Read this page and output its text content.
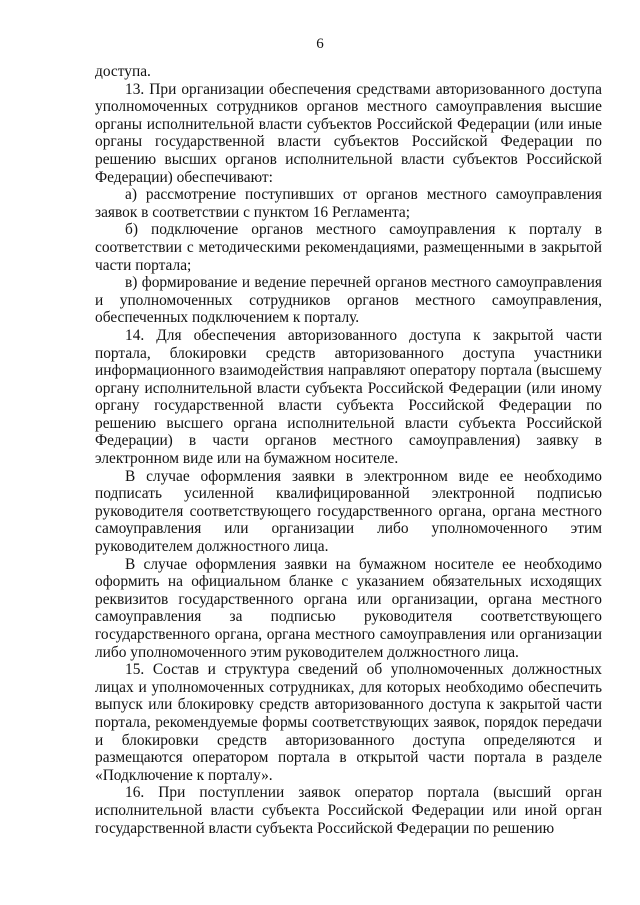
6

доступа.

13. При организации обеспечения средствами авторизованного доступа уполномоченных сотрудников органов местного самоуправления высшие органы исполнительной власти субъектов Российской Федерации (или иные органы государственной власти субъектов Российской Федерации по решению высших органов исполнительной власти субъектов Российской Федерации) обеспечивают:

а) рассмотрение поступивших от органов местного самоуправления заявок в соответствии с пунктом 16 Регламента;

б) подключение органов местного самоуправления к порталу в соответствии с методическими рекомендациями, размещенными в закрытой части портала;

в) формирование и ведение перечней органов местного самоуправления и уполномоченных сотрудников органов местного самоуправления, обеспеченных подключением к порталу.

14. Для обеспечения авторизованного доступа к закрытой части портала, блокировки средств авторизованного доступа участники информационного взаимодействия направляют оператору портала (высшему органу исполнительной власти субъекта Российской Федерации (или иному органу государственной власти субъекта Российской Федерации по решению высшего органа исполнительной власти субъекта Российской Федерации) в части органов местного самоуправления) заявку в электронном виде или на бумажном носителе.

В случае оформления заявки в электронном виде ее необходимо подписать усиленной квалифицированной электронной подписью руководителя соответствующего государственного органа, органа местного самоуправления или организации либо уполномоченного этим руководителем должностного лица.

В случае оформления заявки на бумажном носителе ее необходимо оформить на официальном бланке с указанием обязательных исходящих реквизитов государственного органа или организации, органа местного самоуправления за подписью руководителя соответствующего государственного органа, органа местного самоуправления или организации либо уполномоченного этим руководителем должностного лица.

15. Состав и структура сведений об уполномоченных должностных лицах и уполномоченных сотрудниках, для которых необходимо обеспечить выпуск или блокировку средств авторизованного доступа к закрытой части портала, рекомендуемые формы соответствующих заявок, порядок передачи и блокировки средств авторизованного доступа определяются и размещаются оператором портала в открытой части портала в разделе «Подключение к порталу».

16. При поступлении заявок оператор портала (высший орган исполнительной власти субъекта Российской Федерации или иной орган государственной власти субъекта Российской Федерации по решению
